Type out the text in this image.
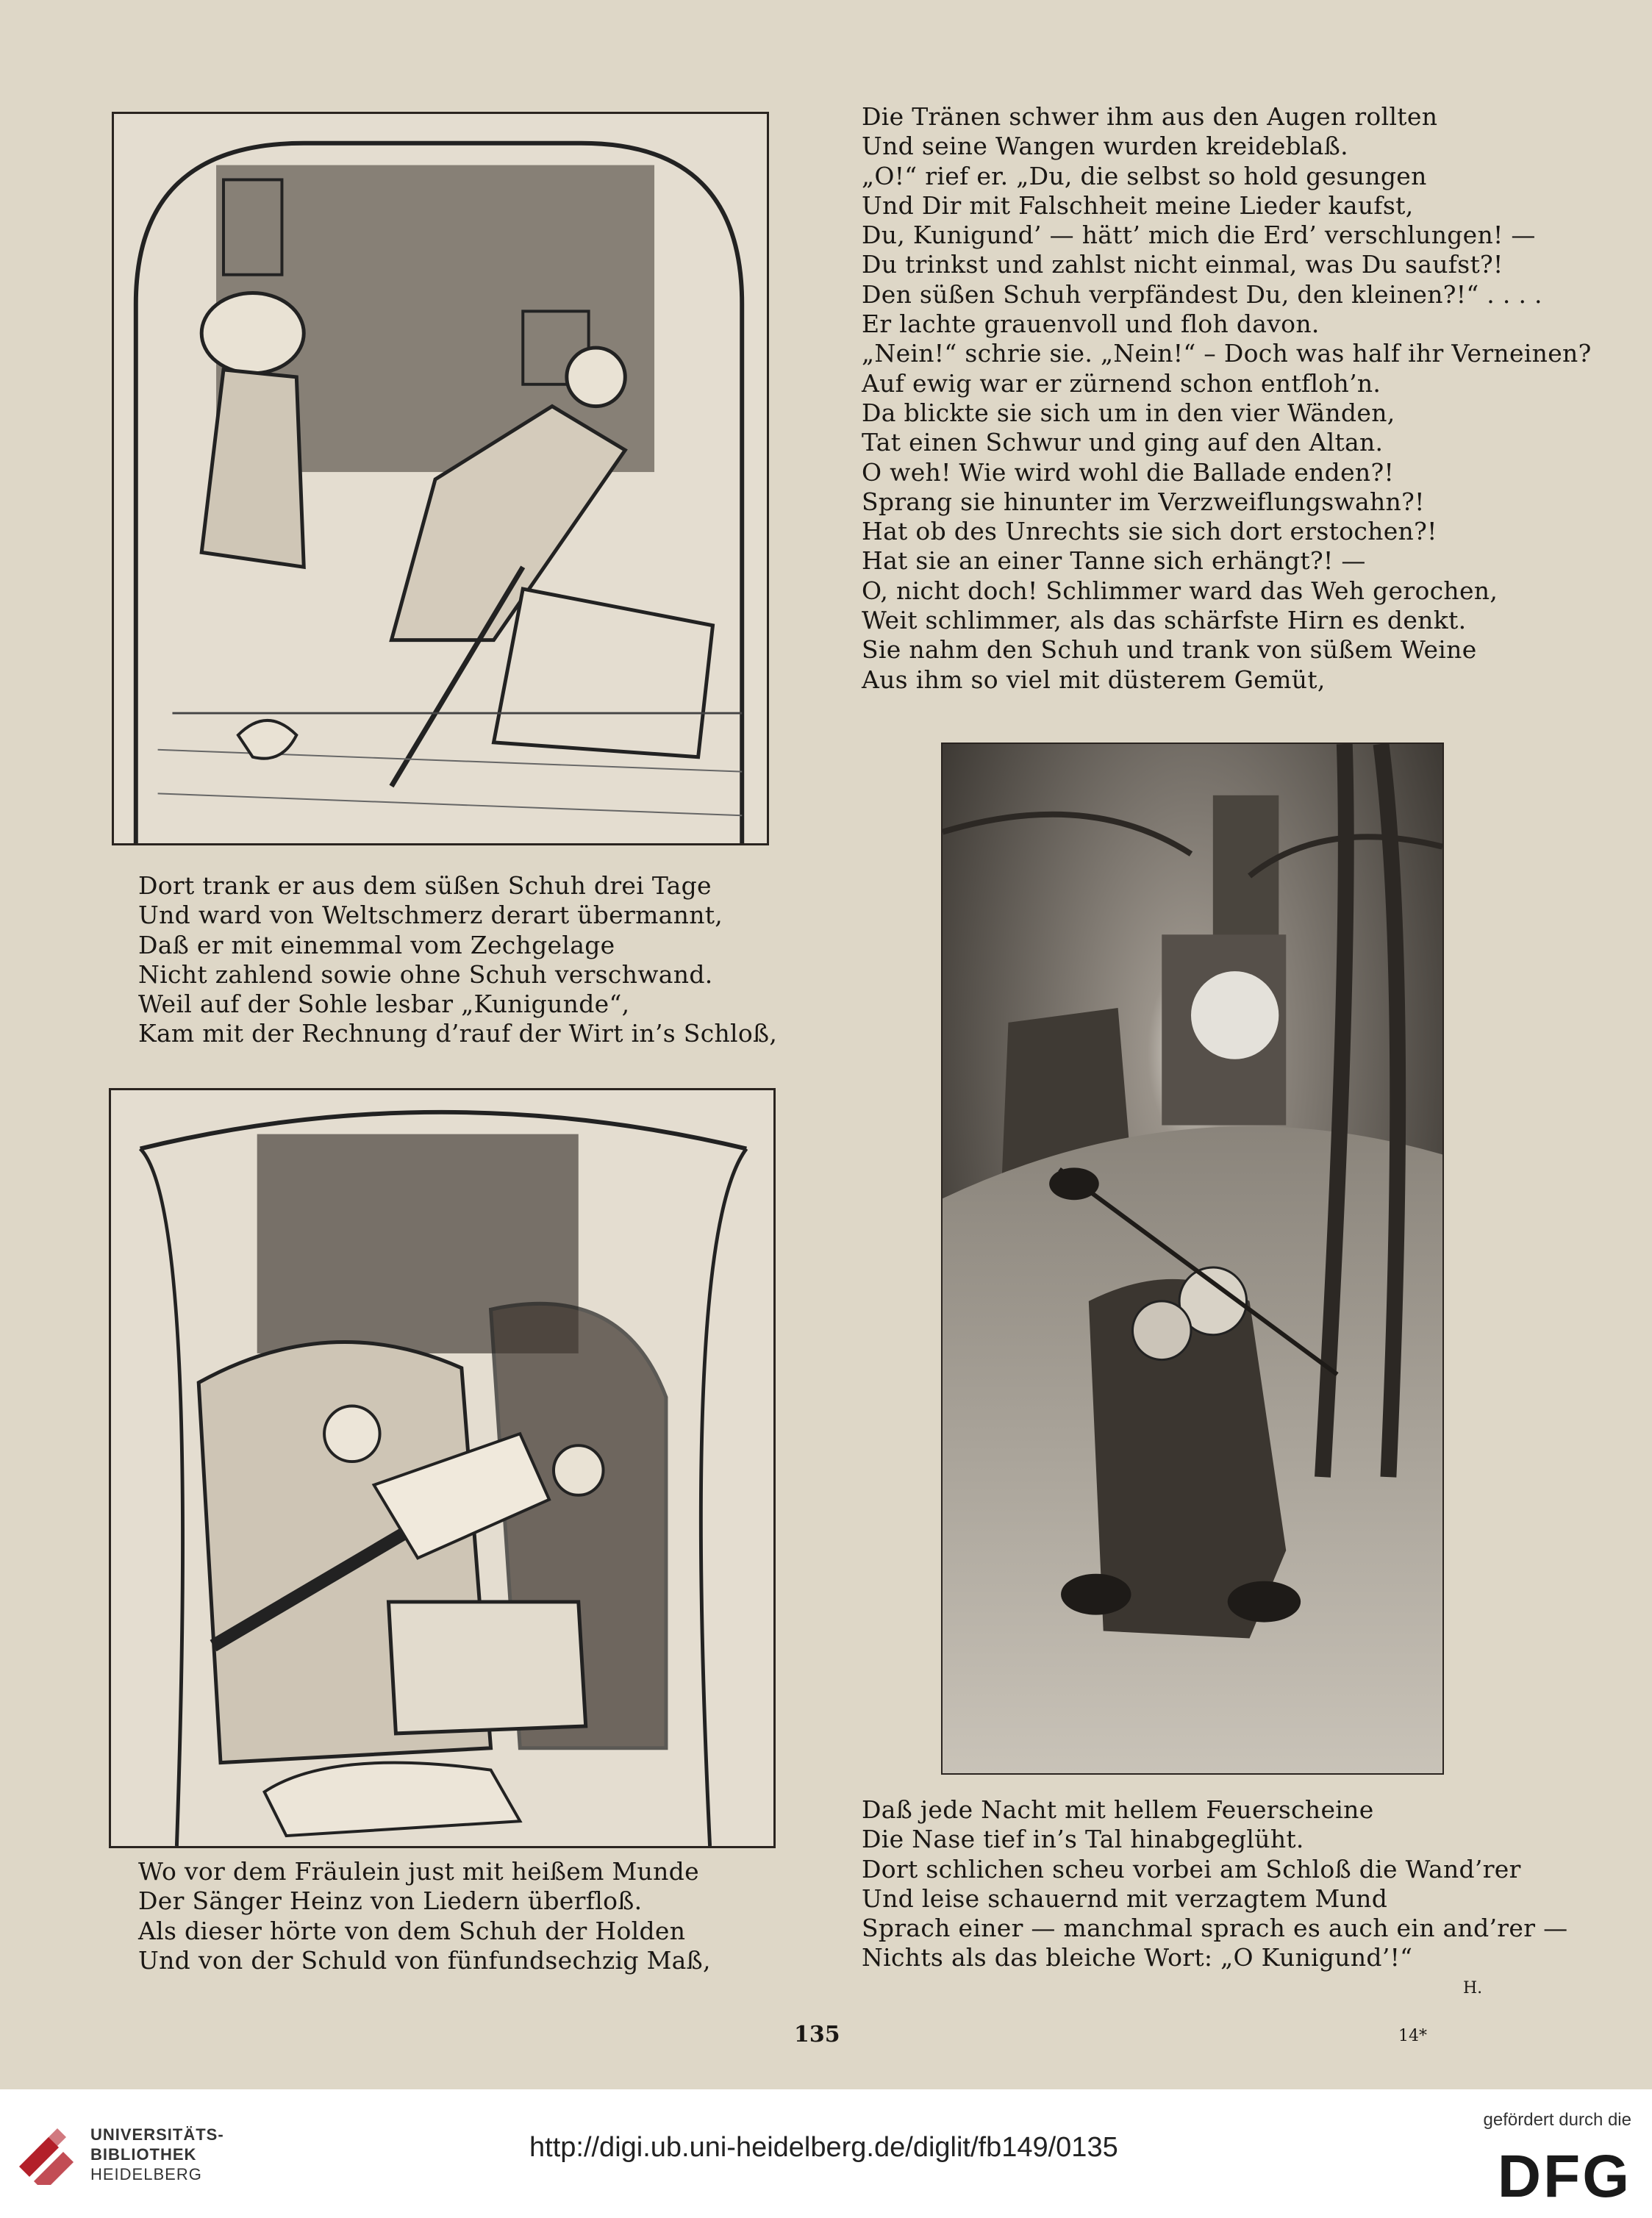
Die Tränen schwer ihm aus den Augen rollten
Und seine Wangen wurden kreideblaß.
„O!“ rief er. „Du, die selbst so hold gesungen
Und Dir mit Falschheit meine Lieder kaufst,
Du, Kunigund’ — hätt’ mich die Erd’ verschlungen! —
Du trinkst und zahlst nicht einmal, was Du saufst?!
Den süßen Schuh verpfändest Du, den kleinen?!“ . . . .
Er lachte grauenvoll und floh davon.
„Nein!“ schrie sie. „Nein!“ – Doch was half ihr Verneinen?
Auf ewig war er zürnend schon entfloh’n.
Da blickte sie sich um in den vier Wänden,
Tat einen Schwur und ging auf den Altan.
O weh! Wie wird wohl die Ballade enden?!
Sprang sie hinunter im Verzweiflungswahn?!
Hat ob des Unrechts sie sich dort erstochen?!
Hat sie an einer Tanne sich erhängt?! —
O, nicht doch! Schlimmer ward das Weh gerochen,
Weit schlimmer, als das schärfste Hirn es denkt.
Sie nahm den Schuh und trank von süßem Weine
Aus ihm so viel mit düsterem Gemüt,
Dort trank er aus dem süßen Schuh drei Tage
Und ward von Weltschmerz derart übermannt,
Daß er mit einemmal vom Zechgelage
Nicht zahlend sowie ohne Schuh verschwand.
Weil auf der Sohle lesbar „Kunigunde“,
Kam mit der Rechnung d’rauf der Wirt in’s Schloß,
Wo vor dem Fräulein just mit heißem Munde
Der Sänger Heinz von Liedern überfloß.
Als dieser hörte von dem Schuh der Holden
Und von der Schuld von fünfundsechzig Maß,
Daß jede Nacht mit hellem Feuerscheine
Die Nase tief in’s Tal hinabgeglüht.
Dort schlichen scheu vorbei am Schloß die Wand’rer
Und leise schauernd mit verzagtem Mund
Sprach einer — manchmal sprach es auch ein and’rer —
Nichts als das bleiche Wort: „O Kunigund’!“
H.
135	14*
UNIVERSITÄTS-
BIBLIOTHEK
HEIDELBERG
http://digi.ub.uni-heidelberg.de/diglit/fb149/0135
gefördert durch die
DFG
